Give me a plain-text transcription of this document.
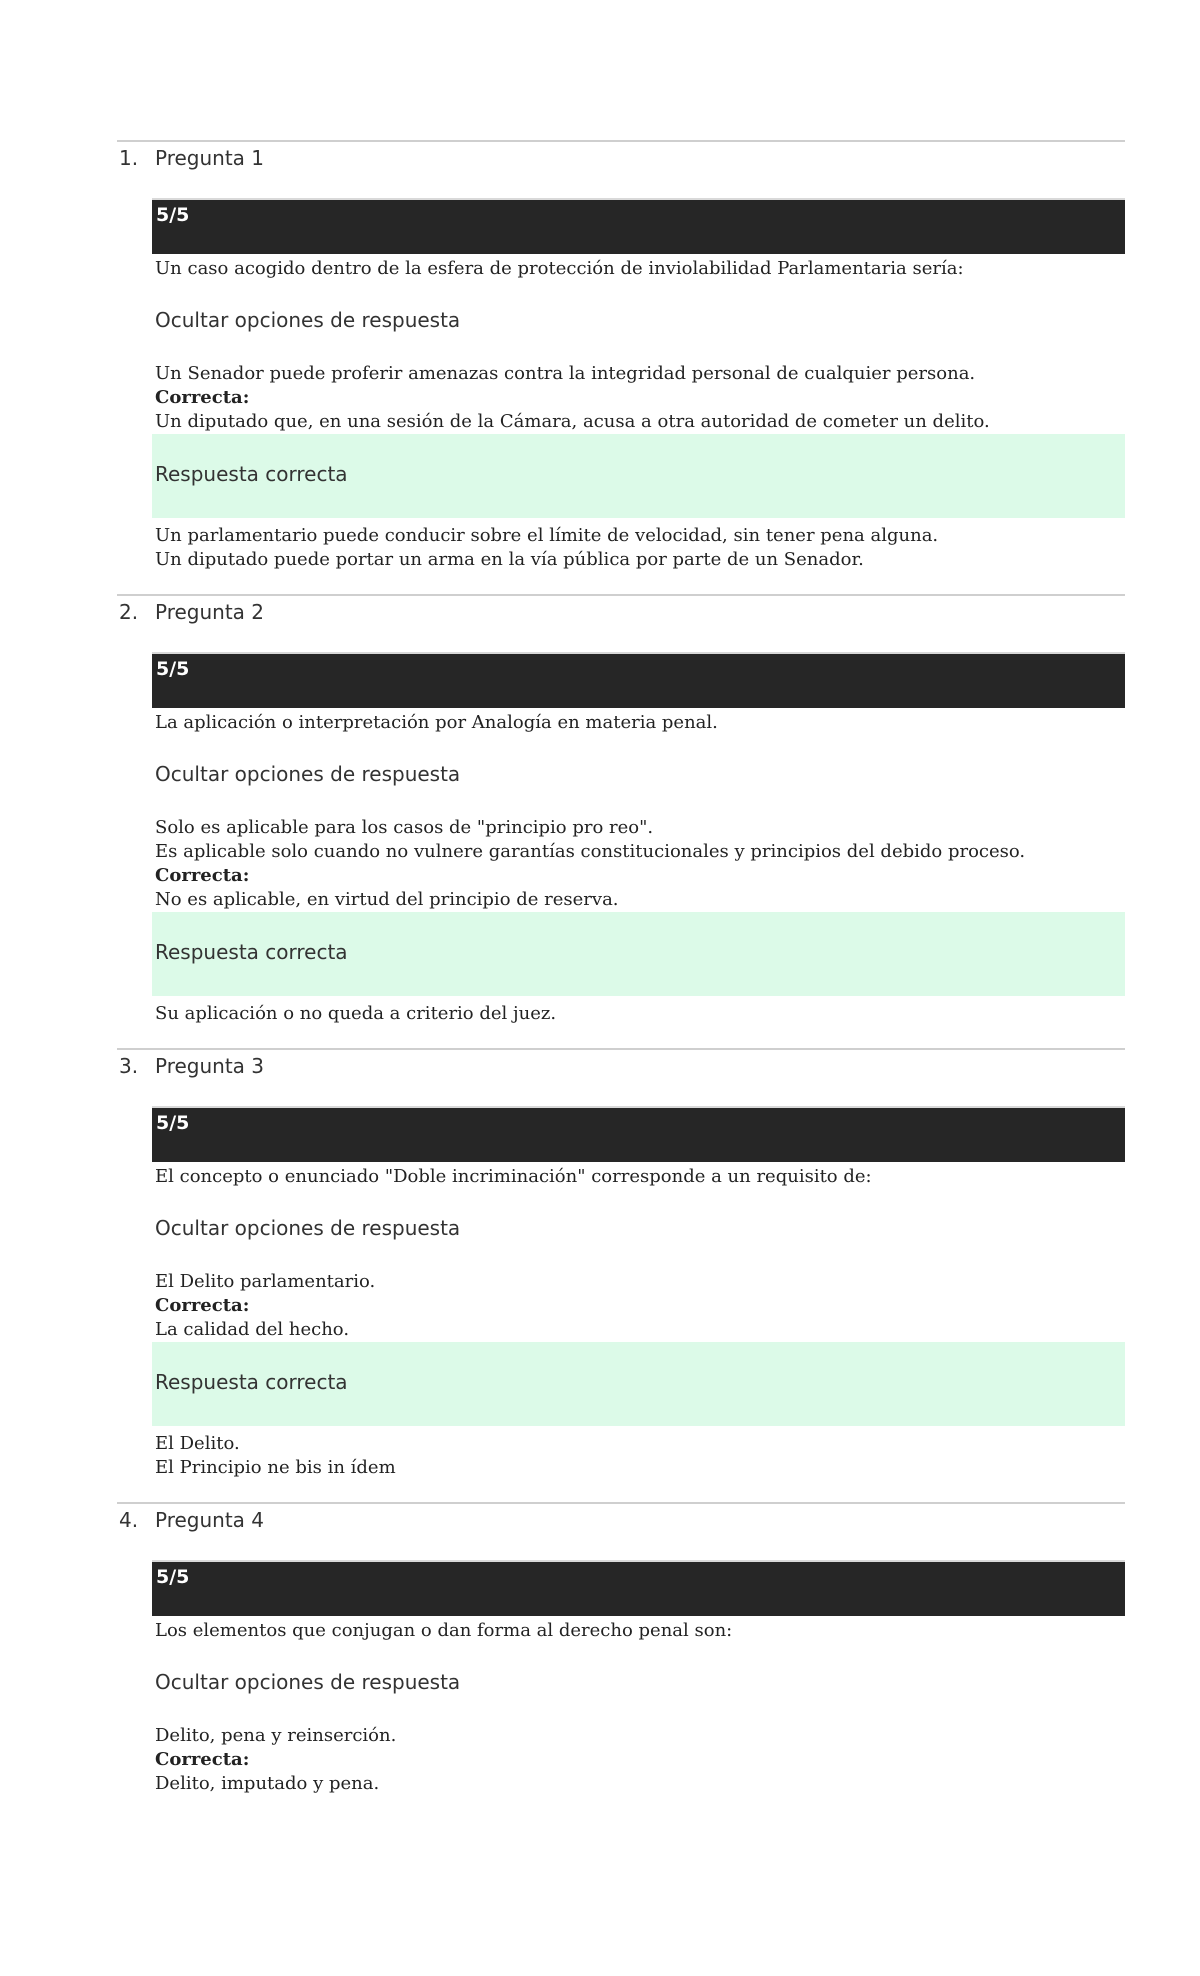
1. Pregunta 1
5/5
Un caso acogido dentro de la esfera de protección de inviolabilidad Parlamentaria sería:
Ocultar opciones de respuesta
Un Senador puede proferir amenazas contra la integridad personal de cualquier persona.
Correcta:
Un diputado que, en una sesión de la Cámara, acusa a otra autoridad de cometer un delito.
Respuesta correcta
Un parlamentario puede conducir sobre el límite de velocidad, sin tener pena alguna.
Un diputado puede portar un arma en la vía pública por parte de un Senador.
2. Pregunta 2
5/5
La aplicación o interpretación por Analogía en materia penal.
Ocultar opciones de respuesta
Solo es aplicable para los casos de "principio pro reo".
Es aplicable solo cuando no vulnere garantías constitucionales y principios del debido proceso.
Correcta:
No es aplicable, en virtud del principio de reserva.
Respuesta correcta
Su aplicación o no queda a criterio del juez.
3. Pregunta 3
5/5
El concepto o enunciado "Doble incriminación" corresponde a un requisito de:
Ocultar opciones de respuesta
El Delito parlamentario.
Correcta:
La calidad del hecho.
Respuesta correcta
El Delito.
El Principio ne bis in ídem
4. Pregunta 4
5/5
Los elementos que conjugan o dan forma al derecho penal son:
Ocultar opciones de respuesta
Delito, pena y reinserción.
Correcta:
Delito, imputado y pena.
